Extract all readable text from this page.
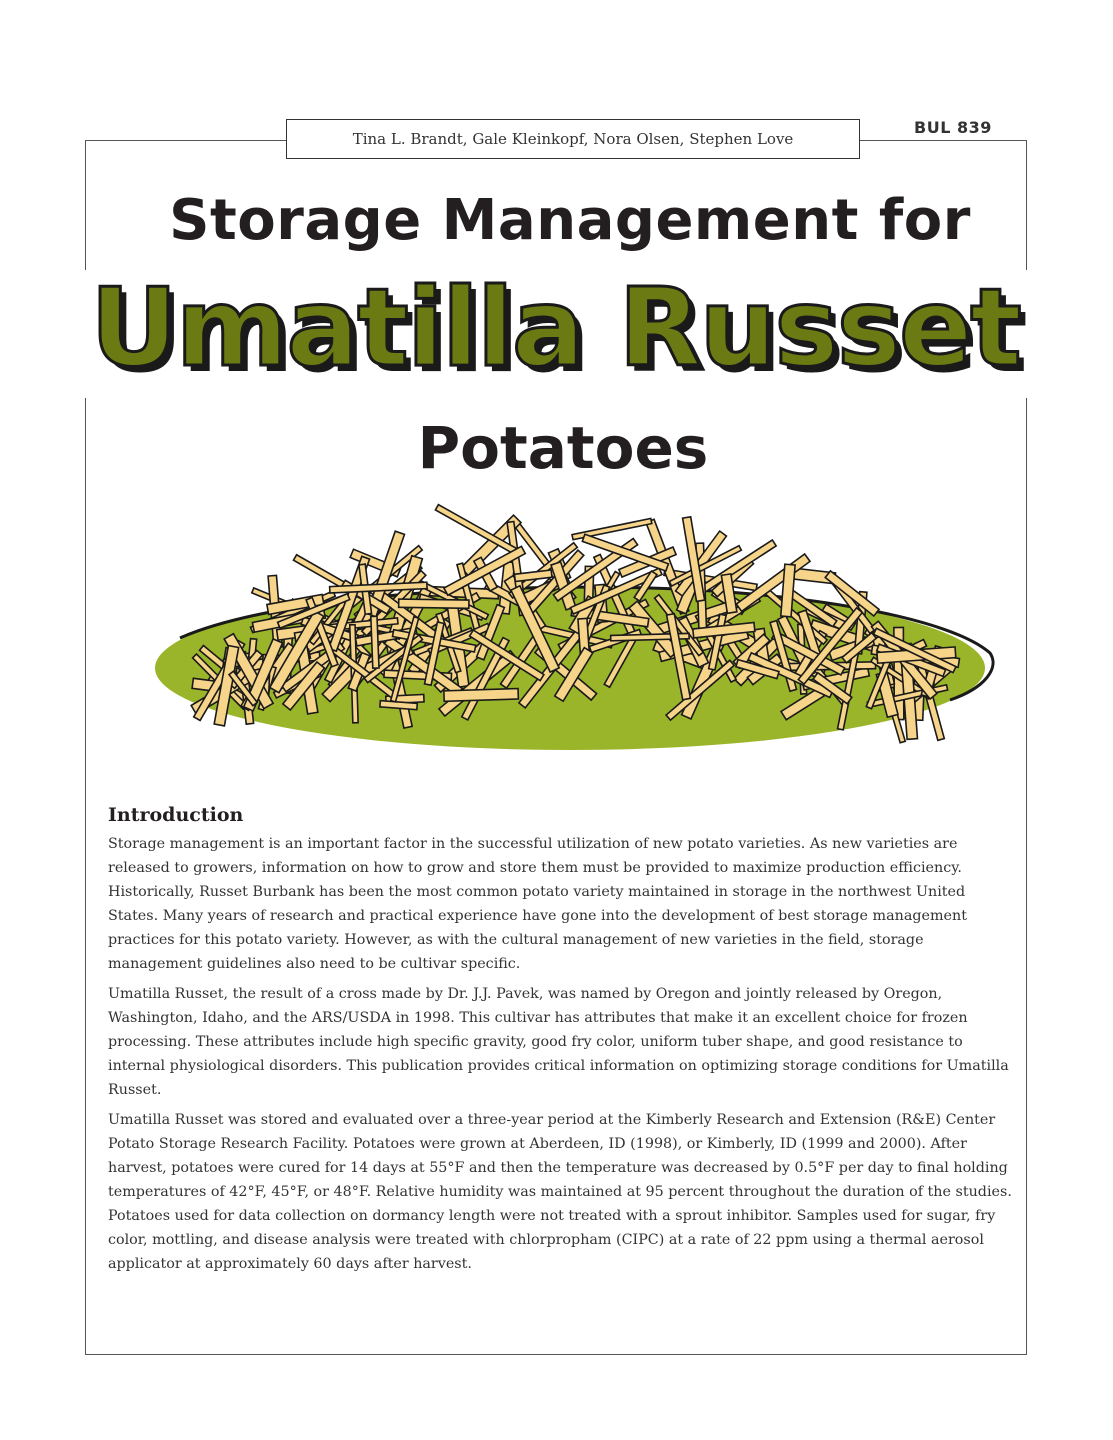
Tina L. Brandt, Gale Kleinkopf, Nora Olsen, Stephen Love
BUL 839
Storage Management for
Umatilla Russet
Potatoes
Introduction

Storage management is an important factor in the successful utilization of new potato varieties. As new varieties are released to growers, information on how to grow and store them must be provided to maximize production efficiency. Historically, Russet Burbank has been the most common potato variety maintained in storage in the northwest United States. Many years of research and practical experience have gone into the development of best storage management practices for this potato variety. However, as with the cultural management of new varieties in the field, storage management guidelines also need to be cultivar specific.

Umatilla Russet, the result of a cross made by Dr. J.J. Pavek, was named by Oregon and jointly released by Oregon, Washington, Idaho, and the ARS/USDA in 1998. This cultivar has attributes that make it an excellent choice for frozen processing. These attributes include high specific gravity, good fry color, uniform tuber shape, and good resistance to internal physiological disorders. This publication provides critical information on optimizing storage conditions for Umatilla Russet.

Umatilla Russet was stored and evaluated over a three-year period at the Kimberly Research and Extension (R&E) Center Potato Storage Research Facility. Potatoes were grown at Aberdeen, ID (1998), or Kimberly, ID (1999 and 2000). After harvest, potatoes were cured for 14 days at 55°F and then the temperature was decreased by 0.5°F per day to final holding temperatures of 42°F, 45°F, or 48°F. Relative humidity was maintained at 95 percent throughout the duration of the studies. Potatoes used for data collection on dormancy length were not treated with a sprout inhibitor. Samples used for sugar, fry color, mottling, and disease analysis were treated with chlorpropham (CIPC) at a rate of 22 ppm using a thermal aerosol applicator at approximately 60 days after harvest.
